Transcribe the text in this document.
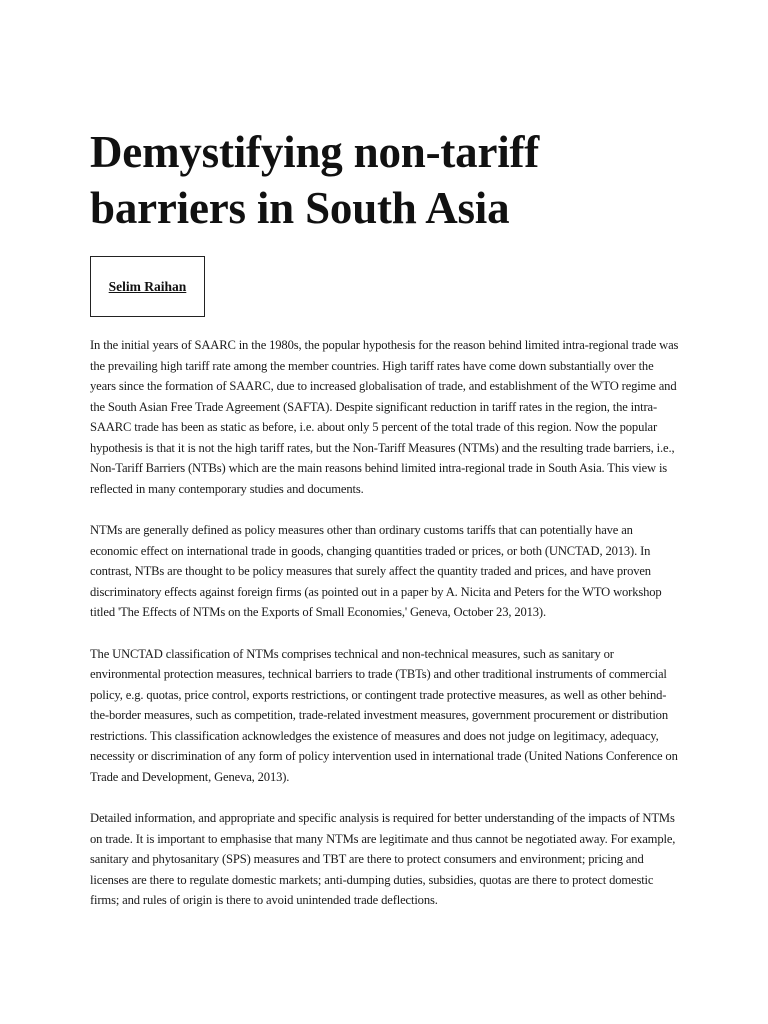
Demystifying non-tariff barriers in South Asia
Selim Raihan

In the initial years of SAARC in the 1980s, the popular hypothesis for the reason behind limited intra-regional trade was the prevailing high tariff rate among the member countries. High tariff rates have come down substantially over the years since the formation of SAARC, due to increased globalisation of trade, and establishment of the WTO regime and the South Asian Free Trade Agreement (SAFTA). Despite significant reduction in tariff rates in the region, the intra-SAARC trade has been as static as before, i.e. about only 5 percent of the total trade of this region. Now the popular hypothesis is that it is not the high tariff rates, but the Non-Tariff Measures (NTMs) and the resulting trade barriers, i.e., Non-Tariff Barriers (NTBs) which are the main reasons behind limited intra-regional trade in South Asia. This view is reflected in many contemporary studies and documents.

NTMs are generally defined as policy measures other than ordinary customs tariffs that can potentially have an economic effect on international trade in goods, changing quantities traded or prices, or both (UNCTAD, 2013). In contrast, NTBs are thought to be policy measures that surely affect the quantity traded and prices, and have proven discriminatory effects against foreign firms (as pointed out in a paper by A. Nicita and Peters for the WTO workshop titled 'The Effects of NTMs on the Exports of Small Economies,' Geneva, October 23, 2013).

The UNCTAD classification of NTMs comprises technical and non-technical measures, such as sanitary or environmental protection measures, technical barriers to trade (TBTs) and other traditional instruments of commercial policy, e.g. quotas, price control, exports restrictions, or contingent trade protective measures, as well as other behind-the-border measures, such as competition, trade-related investment measures, government procurement or distribution restrictions. This classification acknowledges the existence of measures and does not judge on legitimacy, adequacy, necessity or discrimination of any form of policy intervention used in international trade (United Nations Conference on Trade and Development, Geneva, 2013).

Detailed information, and appropriate and specific analysis is required for better understanding of the impacts of NTMs on trade. It is important to emphasise that many NTMs are legitimate and thus cannot be negotiated away. For example, sanitary and phytosanitary (SPS) measures and TBT are there to protect consumers and environment; pricing and licenses are there to regulate domestic markets; anti-dumping duties, subsidies, quotas are there to protect domestic firms; and rules of origin is there to avoid unintended trade deflections.
